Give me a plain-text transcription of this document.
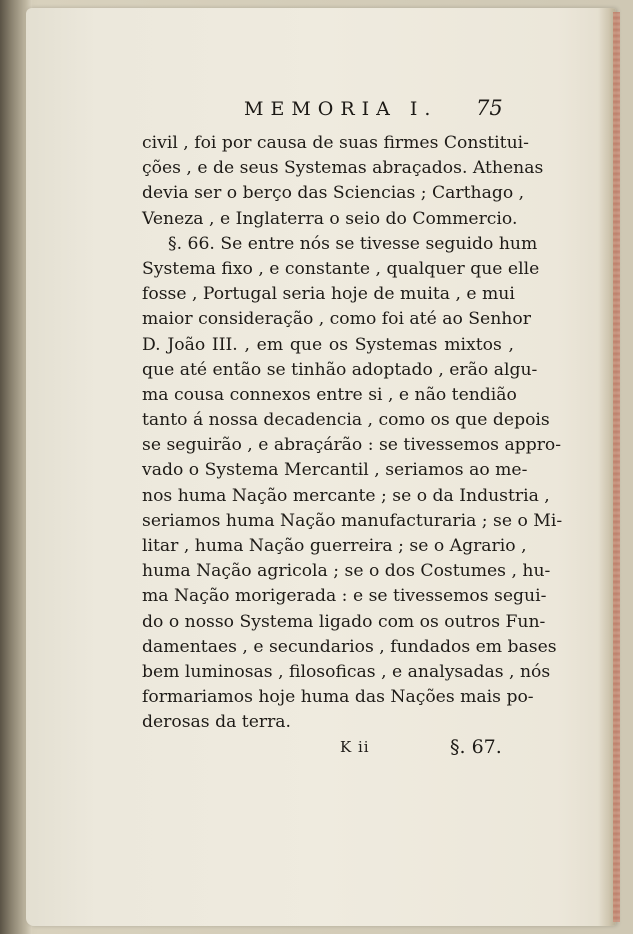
MEMORIA I. 75
civil , foi por causa de suas firmes Constitui-
ções , e de seus Systemas abraçados. Athenas
devia ser o berço das Sciencias ; Carthago ,
Veneza , e Inglaterra o seio do Commercio.
§. 66. Se entre nós se tivesse seguido hum
Systema fixo , e constante , qualquer que elle
fosse , Portugal seria hoje de muita , e mui
maior consideração , como foi até ao Senhor
D. João III. , em que os Systemas mixtos ,
que até então se tinhão adoptado , erão algu-
ma cousa connexos entre si , e não tendião
tanto á nossa decadencia , como os que depois
se seguirão , e abraçárão : se tivessemos appro-
vado o Systema Mercantil , seriamos ao me-
nos huma Nação mercante ; se o da Industria ,
seriamos huma Nação manufacturaria ; se o Mi-
litar , huma Nação guerreira ; se o Agrario ,
huma Nação agricola ; se o dos Costumes , hu-
ma Nação morigerada : e se tivessemos segui-
do o nosso Systema ligado com os outros Fun-
damentaes , e secundarios , fundados em bases
bem luminosas , filosoficas , e analysadas , nós
formariamos hoje huma das Nações mais po-
derosas da terra.
K ii	§. 67.
